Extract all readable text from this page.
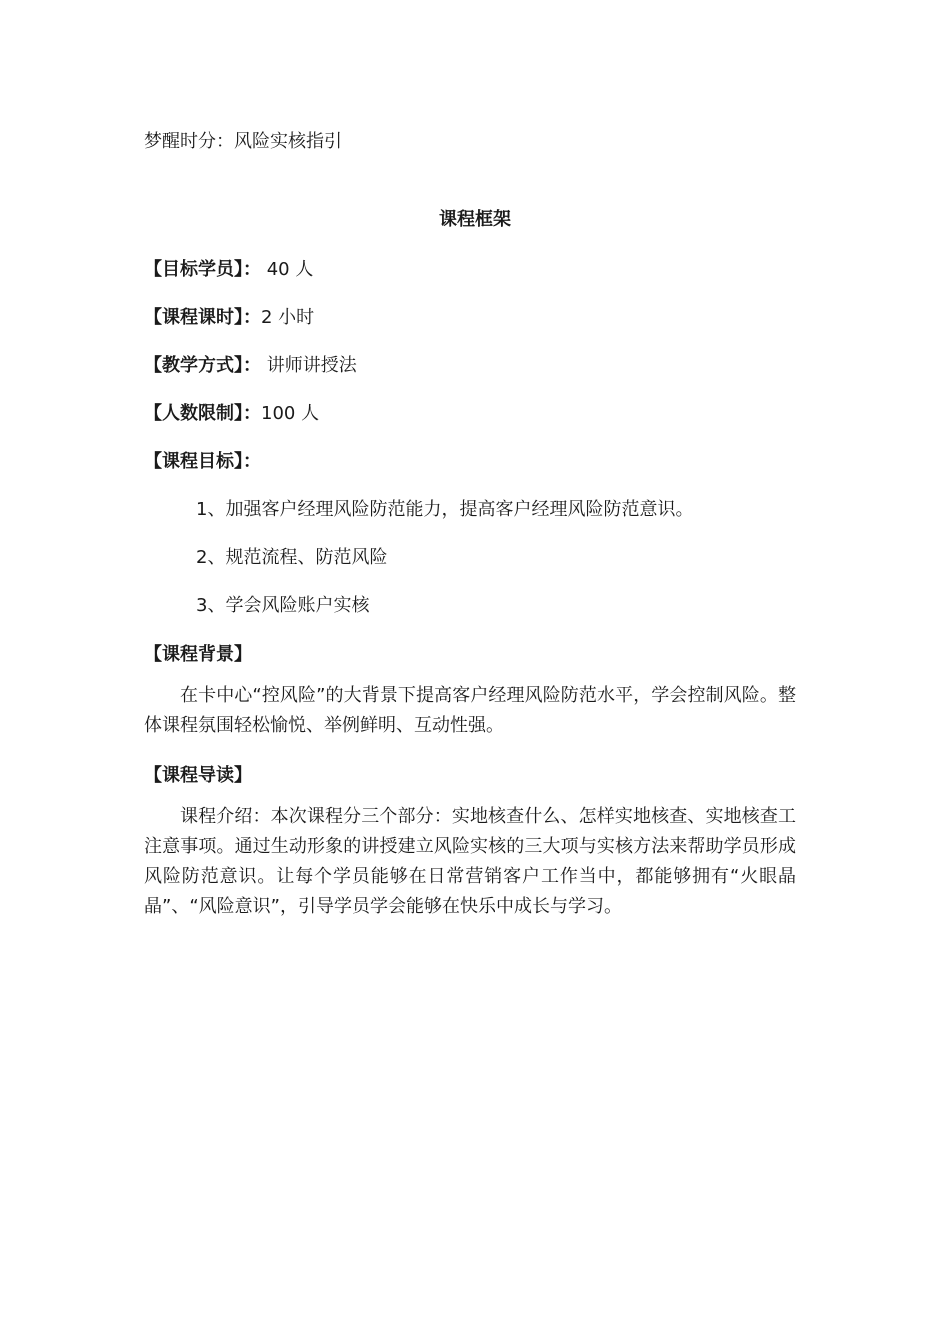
梦醒时分：风险实核指引
课程框架
【目标学员】： 40 人
【课程课时】：2 小时
【教学方式】： 讲师讲授法
【人数限制】：100 人
【课程目标】：
1、加强客户经理风险防范能力，提高客户经理风险防范意识。
2、规范流程、防范风险
3、学会风险账户实核
【课程背景】
在卡中心“控风险”的大背景下提高客户经理风险防范水平，学会控制风险。整体课程氛围轻松愉悦、举例鲜明、互动性强。
【课程导读】
课程介绍：本次课程分三个部分：实地核查什么、怎样实地核查、实地核查工注意事项。通过生动形象的讲授建立风险实核的三大项与实核方法来帮助学员形成风险防范意识。让每个学员能够在日常营销客户工作当中，都能够拥有“火眼晶晶”、“风险意识”，引导学员学会能够在快乐中成长与学习。
